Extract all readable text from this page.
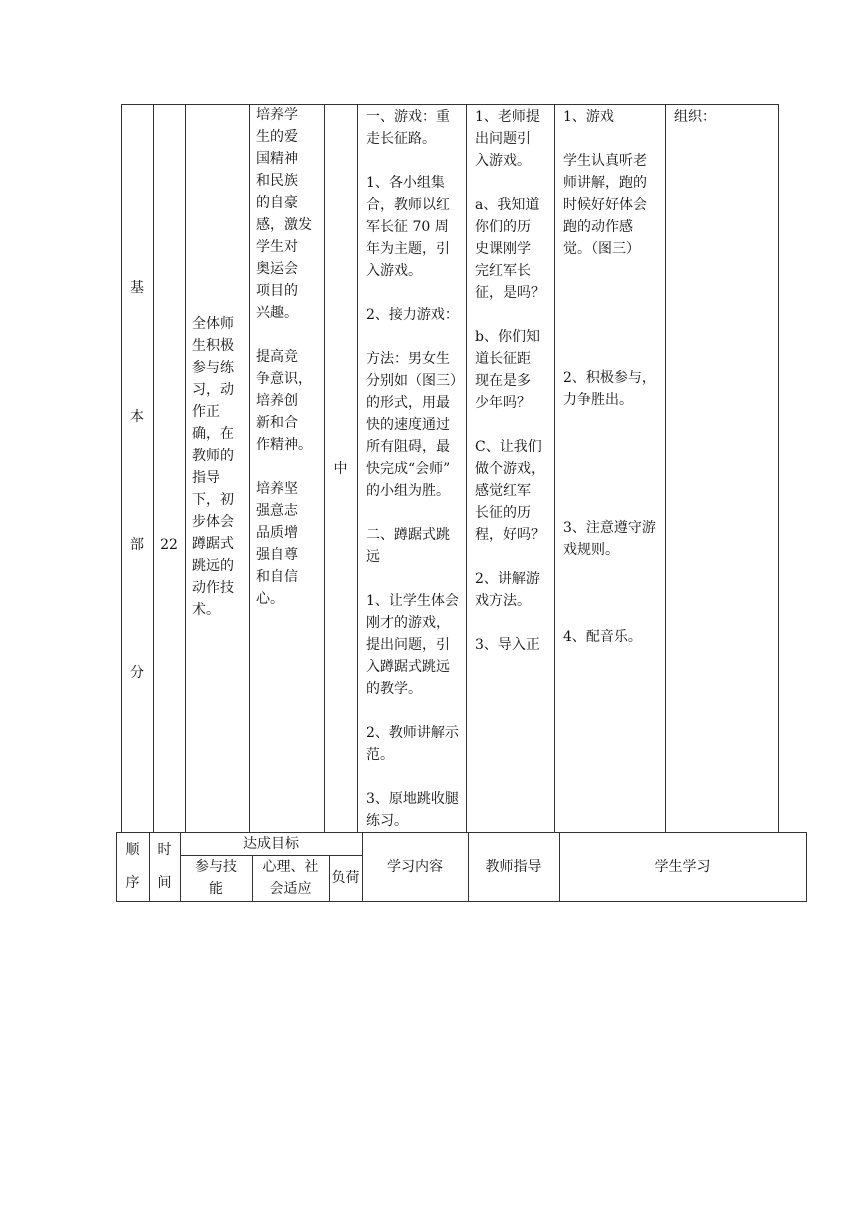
基
本
部
分
22
全体师
生积极
参与练
习，动
作正
确，在
教师的
指导
下，初
步体会
蹲踞式
跳远的
动作技
术。
培养学
生的爱
国精神
和民族
的自豪
感，激发
学生对
奥运会
项目的
兴趣。

提高竞
争意识，
培养创
新和合
作精神。

培养坚
强意志
品质增
强自尊
和自信
心。
中
一、游戏：重
走长征路。

1、各小组集
合，教师以红
军长征 70 周
年为主题，引
入游戏。

2、接力游戏：

方法：男女生
分别如（图三）
的形式，用最
快的速度通过
所有阻碍，最
快完成“会师”
的小组为胜。

二、蹲踞式跳
远

1、让学生体会
刚才的游戏，
提出问题，引
入蹲踞式跳远
的教学。

2、教师讲解示
范。

3、原地跳收腿
练习。
1、老师提
出问题引
入游戏。

a、我知道
你们的历
史课刚学
完红军长
征，是吗？

b、你们知
道长征距
现在是多
少年吗？

C、让我们
做个游戏，
感觉红军
长征的历
程，好吗？

2、讲解游
戏方法。

3、导入正
1、游戏

学生认真听老
师讲解，跑的
时候好好体会
跑的动作感
觉。（图三）
2、积极参与，
力争胜出。
3、注意遵守游
戏规则。
4、配音乐。
组织：
顺
序
时
间
达成目标
参与技
能
心理、社
会适应
负荷
学习内容	教师指导	学生学习
